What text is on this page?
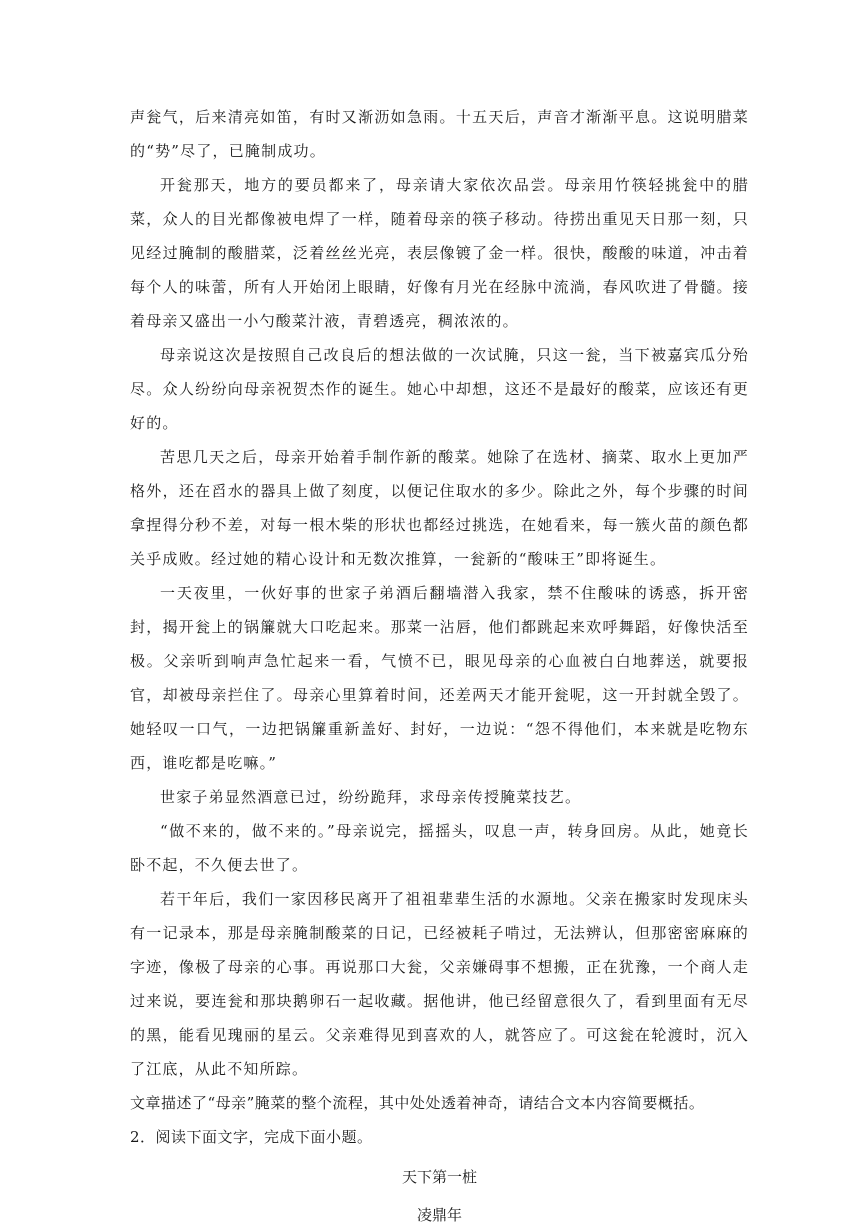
声瓮气，后来清亮如笛，有时又渐沥如急雨。十五天后，声音才渐渐平息。这说明腊菜的“势”尽了，已腌制成功。

开瓮那天，地方的要员都来了，母亲请大家依次品尝。母亲用竹筷轻挑瓮中的腊菜，众人的目光都像被电焊了一样，随着母亲的筷子移动。待捞出重见天日那一刻，只见经过腌制的酸腊菜，泛着丝丝光亮，表层像镀了金一样。很快，酸酸的味道，冲击着每个人的味蕾，所有人开始闭上眼睛，好像有月光在经脉中流淌，春风吹进了骨髓。接着母亲又盛出一小勺酸菜汁液，青碧透亮，稠浓浓的。

母亲说这次是按照自己改良后的想法做的一次试腌，只这一瓮，当下被嘉宾瓜分殆尽。众人纷纷向母亲祝贺杰作的诞生。她心中却想，这还不是最好的酸菜，应该还有更好的。

苦思几天之后，母亲开始着手制作新的酸菜。她除了在选材、摘菜、取水上更加严格外，还在舀水的器具上做了刻度，以便记住取水的多少。除此之外，每个步骤的时间拿捏得分秒不差，对每一根木柴的形状也都经过挑选，在她看来，每一簇火苗的颜色都关乎成败。经过她的精心设计和无数次推算，一瓮新的“酸味王”即将诞生。

一天夜里，一伙好事的世家子弟酒后翻墙潜入我家，禁不住酸味的诱惑，拆开密封，揭开瓮上的锅簾就大口吃起来。那菜一沾唇，他们都跳起来欢呼舞蹈，好像快活至极。父亲听到响声急忙起来一看，气愤不已，眼见母亲的心血被白白地葬送，就要报官，却被母亲拦住了。母亲心里算着时间，还差两天才能开瓮呢，这一开封就全毁了。她轻叹一口气，一边把锅簾重新盖好、封好，一边说：“怨不得他们，本来就是吃物东西，谁吃都是吃嘛。”

世家子弟显然酒意已过，纷纷跪拜，求母亲传授腌菜技艺。

“做不来的，做不来的。”母亲说完，摇摇头，叹息一声，转身回房。从此，她竟长卧不起，不久便去世了。

若干年后，我们一家因移民离开了祖祖辈辈生活的水源地。父亲在搬家时发现床头有一记录本，那是母亲腌制酸菜的日记，已经被耗子啃过，无法辨认，但那密密麻麻的字迹，像极了母亲的心事。再说那口大瓮，父亲嫌碍事不想搬，正在犹豫，一个商人走过来说，要连瓮和那块鹅卵石一起收藏。据他讲，他已经留意很久了，看到里面有无尽的黑，能看见瑰丽的星云。父亲难得见到喜欢的人，就答应了。可这瓮在轮渡时，沉入了江底，从此不知所踪。

文章描述了“母亲”腌菜的整个流程，其中处处透着神奇，请结合文本内容简要概括。

2．阅读下面文字，完成下面小题。

天下第一桩

凌鼎年
